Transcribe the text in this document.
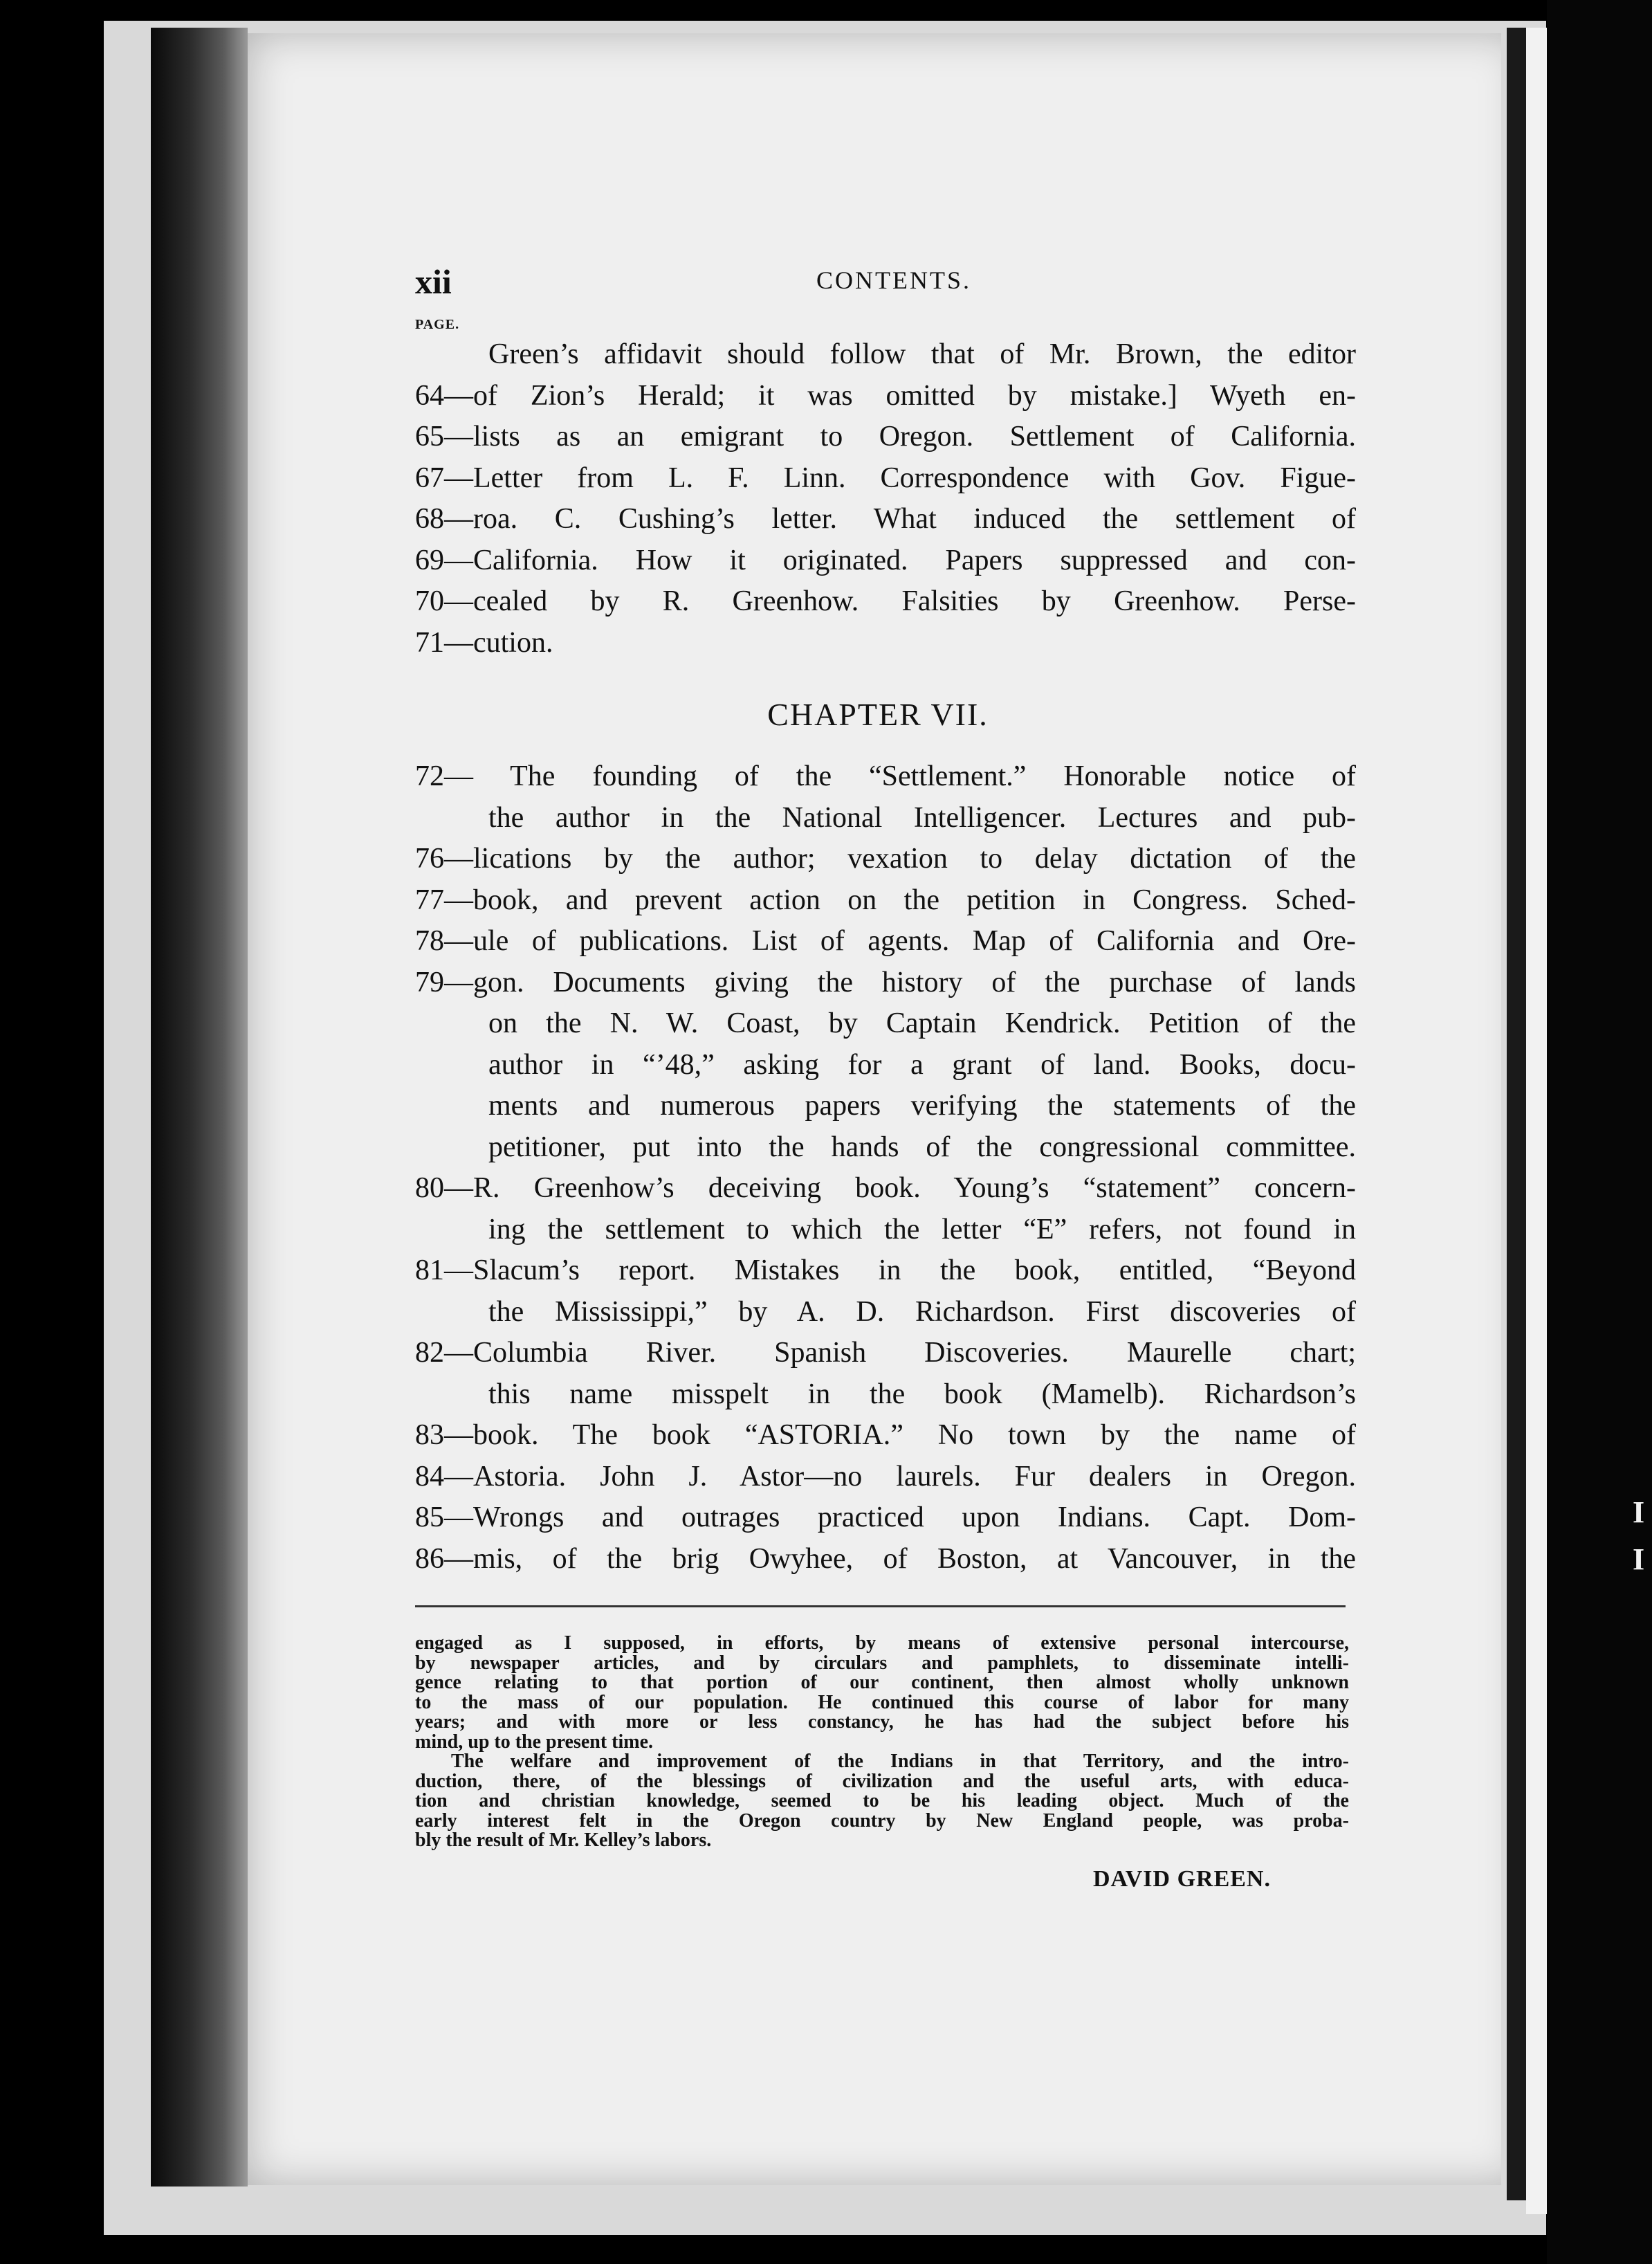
I
I
xii	CONTENTS.
PAGE.
Green’s affidavit should follow that of Mr. Brown, the editor
64—of Zion’s Herald; it was omitted by mistake.] Wyeth en-
65—lists as an emigrant to Oregon. Settlement of California.
67—Letter from L. F. Linn. Correspondence with Gov. Figue-
68—roa. C. Cushing’s letter. What induced the settlement of
69—California. How it originated. Papers suppressed and con-
70—cealed by R. Greenhow. Falsities by Greenhow. Perse-
71—cution.
CHAPTER VII.
72— The founding of the “Settlement.” Honorable notice of
the author in the National Intelligencer. Lectures and pub-
76—lications by the author; vexation to delay dictation of the
77—book, and prevent action on the petition in Congress. Sched-
78—ule of publications. List of agents. Map of California and Ore-
79—gon. Documents giving the history of the purchase of lands
on the N. W. Coast, by Captain Kendrick. Petition of the
author in “’48,” asking for a grant of land. Books, docu-
ments and numerous papers verifying the statements of the
petitioner, put into the hands of the congressional committee.
80—R. Greenhow’s deceiving book. Young’s “statement” concern-
ing the settlement to which the letter “E” refers, not found in
81—Slacum’s report. Mistakes in the book, entitled, “Beyond
the Mississippi,” by A. D. Richardson. First discoveries of
82—Columbia River. Spanish Discoveries. Maurelle chart;
this name misspelt in the book (Mamelb). Richardson’s
83—book. The book “ASTORIA.” No town by the name of
84—Astoria. John J. Astor—no laurels. Fur dealers in Oregon.
85—Wrongs and outrages practiced upon Indians. Capt. Dom-
86—mis, of the brig Owyhee, of Boston, at Vancouver, in the
engaged as I supposed, in efforts, by means of extensive personal intercourse,
by newspaper articles, and by circulars and pamphlets, to disseminate intelli-
gence relating to that portion of our continent, then almost wholly unknown
to the mass of our population. He continued this course of labor for many
years; and with more or less constancy, he has had the subject before his
mind, up to the present time.
The welfare and improvement of the Indians in that Territory, and the intro-
duction, there, of the blessings of civilization and the useful arts, with educa-
tion and christian knowledge, seemed to be his leading object. Much of the
early interest felt in the Oregon country by New England people, was proba-
bly the result of Mr. Kelley’s labors.
DAVID GREEN.
